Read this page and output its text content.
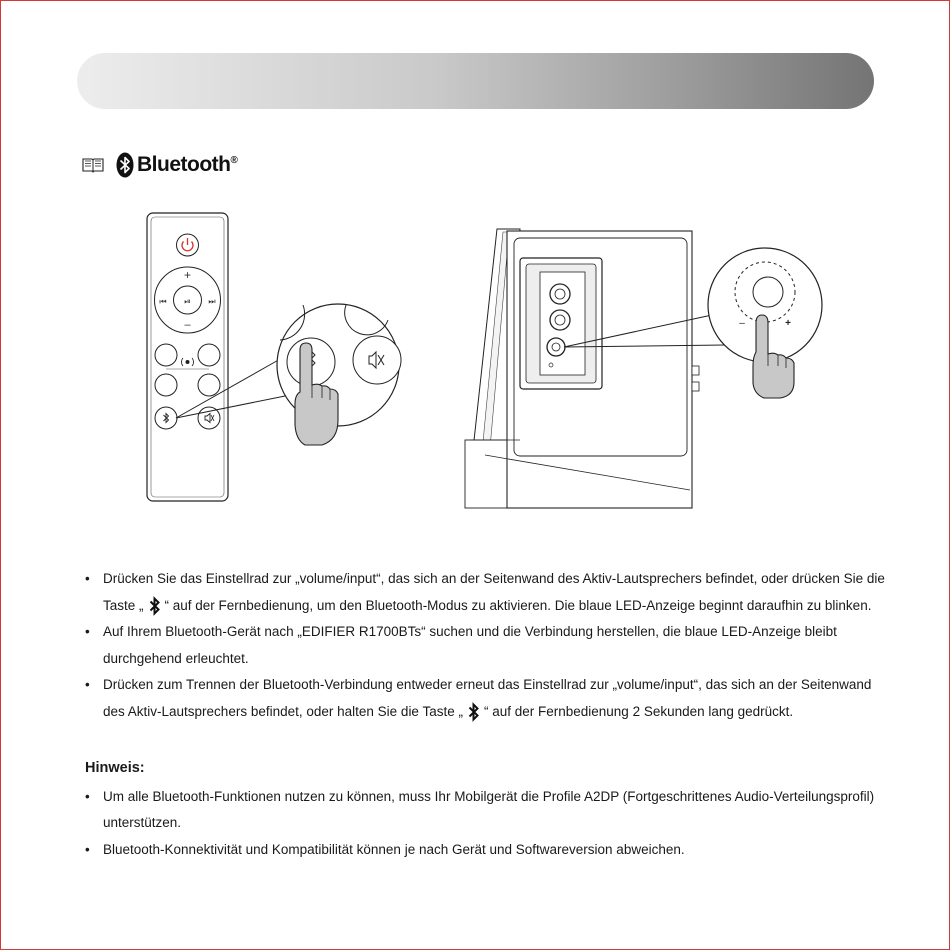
Bluetooth®
+
–
⏮ ⏯ ⏭
–	+

• Drücken Sie das Einstellrad zur „volume/input“, das sich an der Seitenwand des Aktiv-Lautsprechers befindet, oder drücken Sie die Taste „ “ auf der Fernbedienung, um den Bluetooth-Modus zu aktivieren. Die blaue LED-Anzeige beginnt daraufhin zu blinken.

• Auf Ihrem Bluetooth-Gerät nach „EDIFIER R1700BTs“ suchen und die Verbindung herstellen, die blaue LED-Anzeige bleibt durchgehend erleuchtet.

• Drücken zum Trennen der Bluetooth-Verbindung entweder erneut das Einstellrad zur „volume/input“, das sich an der Seitenwand des Aktiv-Lautsprechers befindet, oder halten Sie die Taste „ “ auf der Fernbedienung 2 Sekunden lang gedrückt.

Hinweis:

• Um alle Bluetooth-Funktionen nutzen zu können, muss Ihr Mobilgerät die Profile A2DP (Fortgeschrittenes Audio-Verteilungsprofil) unterstützen.

• Bluetooth-Konnektivität und Kompatibilität können je nach Gerät und Softwareversion abweichen.
